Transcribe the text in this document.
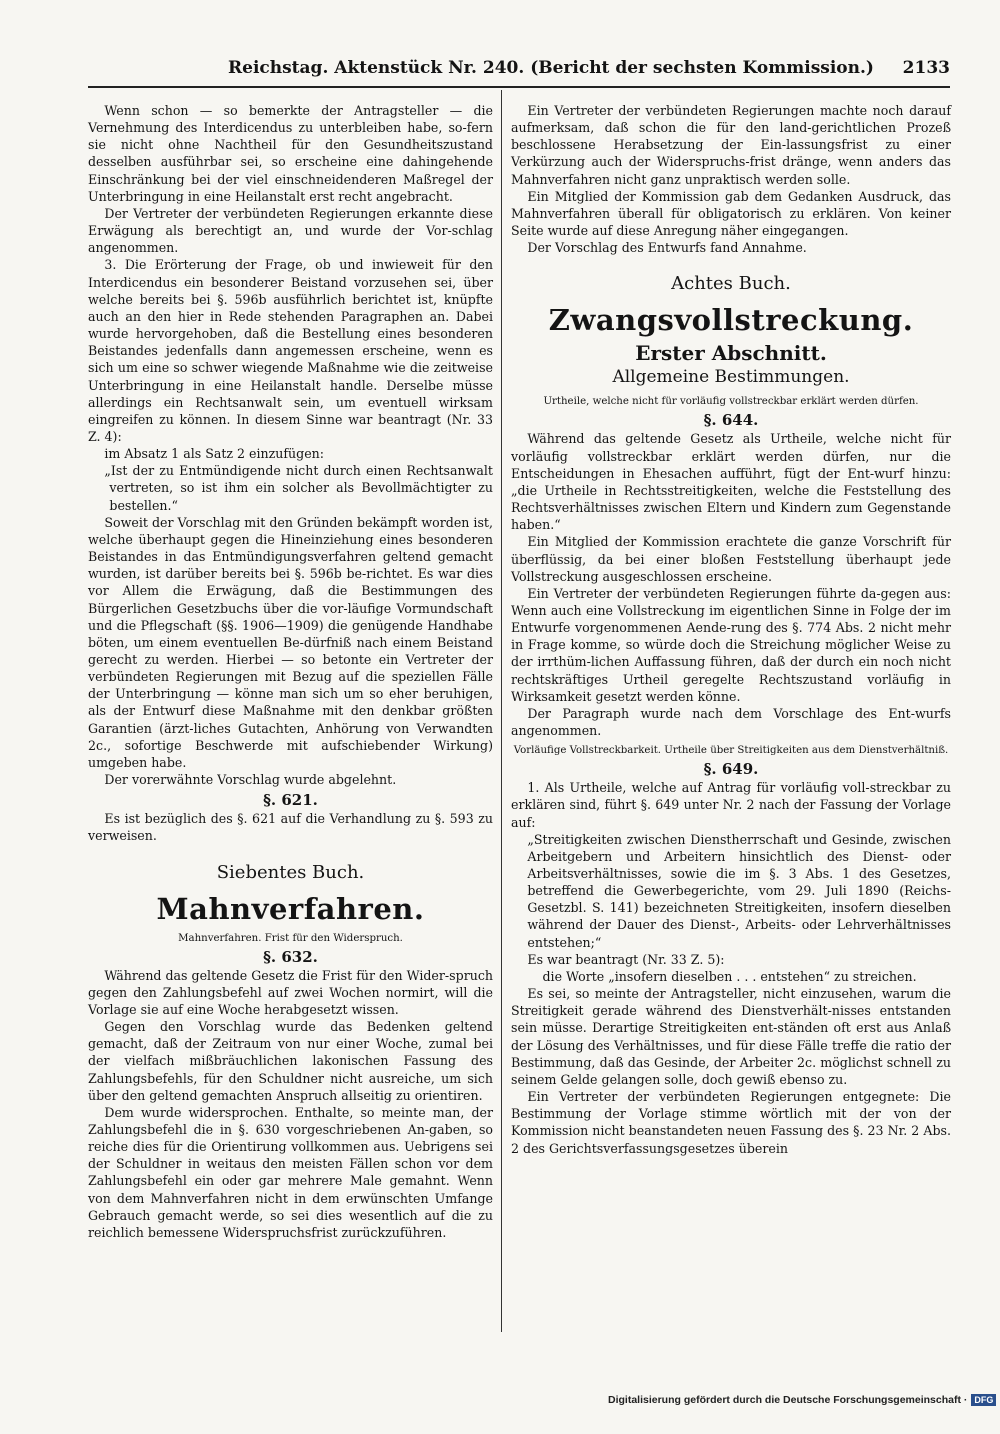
Reichstag. Aktenstück Nr. 240. (Bericht der sechsten Kommission.) 2133

Wenn schon — so bemerkte der Antragsteller — die Vernehmung des Interdicendus zu unterbleiben habe, so-fern sie nicht ohne Nachtheil für den Gesundheitszustand desselben ausführbar sei, so erscheine eine dahingehende Einschränkung bei der viel einschneidenderen Maßregel der Unterbringung in eine Heilanstalt erst recht angebracht.

Der Vertreter der verbündeten Regierungen erkannte diese Erwägung als berechtigt an, und wurde der Vor-schlag angenommen.

3. Die Erörterung der Frage, ob und inwieweit für den Interdicendus ein besonderer Beistand vorzusehen sei, über welche bereits bei §. 596b ausführlich berichtet ist, knüpfte auch an den hier in Rede stehenden Paragraphen an. Dabei wurde hervorgehoben, daß die Bestellung eines besonderen Beistandes jedenfalls dann angemessen erscheine, wenn es sich um eine so schwer wiegende Maßnahme wie die zeitweise Unterbringung in eine Heilanstalt handle. Derselbe müsse allerdings ein Rechtsanwalt sein, um eventuell wirksam eingreifen zu können. In diesem Sinne war beantragt (Nr. 33 Z. 4):

im Absatz 1 als Satz 2 einzufügen:

„Ist der zu Entmündigende nicht durch einen Rechtsanwalt vertreten, so ist ihm ein solcher als Bevollmächtigter zu bestellen.“

Soweit der Vorschlag mit den Gründen bekämpft worden ist, welche überhaupt gegen die Hineinziehung eines besonderen Beistandes in das Entmündigungsverfahren geltend gemacht wurden, ist darüber bereits bei §. 596b be-richtet. Es war dies vor Allem die Erwägung, daß die Bestimmungen des Bürgerlichen Gesetzbuchs über die vor-läufige Vormundschaft und die Pflegschaft (§§. 1906—1909) die genügende Handhabe böten, um einem eventuellen Be-dürfniß nach einem Beistand gerecht zu werden. Hierbei — so betonte ein Vertreter der verbündeten Regierungen mit Bezug auf die speziellen Fälle der Unterbringung — könne man sich um so eher beruhigen, als der Entwurf diese Maßnahme mit den denkbar größten Garantien (ärzt-liches Gutachten, Anhörung von Verwandten 2c., sofortige Beschwerde mit aufschiebender Wirkung) umgeben habe.

Der vorerwähnte Vorschlag wurde abgelehnt.

§. 621.

Es ist bezüglich des §. 621 auf die Verhandlung zu §. 593 zu verweisen.

Siebentes Buch.
Mahnverfahren.
Mahnverfahren. Frist für den Widerspruch.
§. 632.

Während das geltende Gesetz die Frist für den Wider-spruch gegen den Zahlungsbefehl auf zwei Wochen normirt, will die Vorlage sie auf eine Woche herabgesetzt wissen.

Gegen den Vorschlag wurde das Bedenken geltend gemacht, daß der Zeitraum von nur einer Woche, zumal bei der vielfach mißbräuchlichen lakonischen Fassung des Zahlungsbefehls, für den Schuldner nicht ausreiche, um sich über den geltend gemachten Anspruch allseitig zu orientiren.

Dem wurde widersprochen. Enthalte, so meinte man, der Zahlungsbefehl die in §. 630 vorgeschriebenen An-gaben, so reiche dies für die Orientirung vollkommen aus. Uebrigens sei der Schuldner in weitaus den meisten Fällen schon vor dem Zahlungsbefehl ein oder gar mehrere Male gemahnt. Wenn von dem Mahnverfahren nicht in dem erwünschten Umfange Gebrauch gemacht werde, so sei dies wesentlich auf die zu reichlich bemessene Widerspruchsfrist zurückzuführen.

Ein Vertreter der verbündeten Regierungen machte noch darauf aufmerksam, daß schon die für den land-gerichtlichen Prozeß beschlossene Herabsetzung der Ein-lassungsfrist zu einer Verkürzung auch der Widerspruchs-frist dränge, wenn anders das Mahnverfahren nicht ganz unpraktisch werden solle.

Ein Mitglied der Kommission gab dem Gedanken Ausdruck, das Mahnverfahren überall für obligatorisch zu erklären. Von keiner Seite wurde auf diese Anregung näher eingegangen.

Der Vorschlag des Entwurfs fand Annahme.

Achtes Buch.
Zwangsvollstreckung.
Erster Abschnitt.
Allgemeine Bestimmungen.
Urtheile, welche nicht für vorläufig vollstreckbar erklärt werden dürfen.
§. 644.

Während das geltende Gesetz als Urtheile, welche nicht für vorläufig vollstreckbar erklärt werden dürfen, nur die Entscheidungen in Ehesachen aufführt, fügt der Ent-wurf hinzu: „die Urtheile in Rechtsstreitigkeiten, welche die Feststellung des Rechtsverhältnisses zwischen Eltern und Kindern zum Gegenstande haben.“

Ein Mitglied der Kommission erachtete die ganze Vorschrift für überflüssig, da bei einer bloßen Feststellung überhaupt jede Vollstreckung ausgeschlossen erscheine.

Ein Vertreter der verbündeten Regierungen führte da-gegen aus: Wenn auch eine Vollstreckung im eigentlichen Sinne in Folge der im Entwurfe vorgenommenen Aende-rung des §. 774 Abs. 2 nicht mehr in Frage komme, so würde doch die Streichung möglicher Weise zu der irrthüm-lichen Auffassung führen, daß der durch ein noch nicht rechtskräftiges Urtheil geregelte Rechtszustand vorläufig in Wirksamkeit gesetzt werden könne.

Der Paragraph wurde nach dem Vorschlage des Ent-wurfs angenommen.

Vorläufige Vollstreckbarkeit. Urtheile über Streitigkeiten aus dem Dienstverhältniß.
§. 649.

1. Als Urtheile, welche auf Antrag für vorläufig voll-streckbar zu erklären sind, führt §. 649 unter Nr. 2 nach der Fassung der Vorlage auf:

„Streitigkeiten zwischen Dienstherrschaft und Gesinde, zwischen Arbeitgebern und Arbeitern hinsichtlich des Dienst- oder Arbeitsverhältnisses, sowie die im §. 3 Abs. 1 des Gesetzes, betreffend die Gewerbegerichte, vom 29. Juli 1890 (Reichs-Gesetzbl. S. 141) bezeichneten Streitigkeiten, insofern dieselben während der Dauer des Dienst-, Arbeits- oder Lehrverhältnisses entstehen;“

Es war beantragt (Nr. 33 Z. 5):

die Worte „insofern dieselben . . . entstehen“ zu streichen.

Es sei, so meinte der Antragsteller, nicht einzusehen, warum die Streitigkeit gerade während des Dienstverhält-nisses entstanden sein müsse. Derartige Streitigkeiten ent-ständen oft erst aus Anlaß der Lösung des Verhältnisses, und für diese Fälle treffe die ratio der Bestimmung, daß das Gesinde, der Arbeiter 2c. möglichst schnell zu seinem Gelde gelangen solle, doch gewiß ebenso zu.

Ein Vertreter der verbündeten Regierungen entgegnete: Die Bestimmung der Vorlage stimme wörtlich mit der von der Kommission nicht beanstandeten neuen Fassung des §. 23 Nr. 2 Abs. 2 des Gerichtsverfassungsgesetzes überein

Digitalisierung gefördert durch die Deutsche Forschungsgemeinschaft · DFG
